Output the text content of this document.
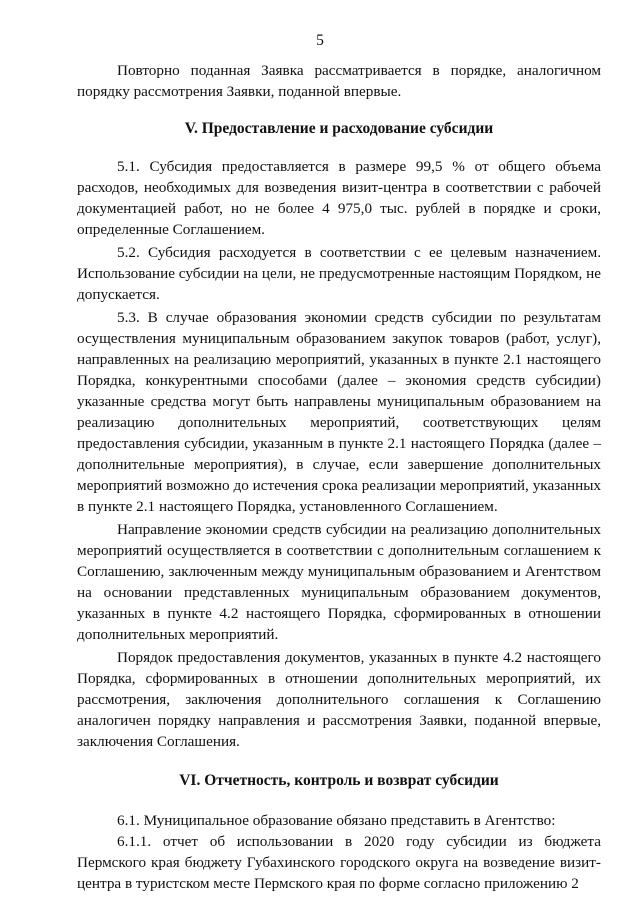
5

Повторно поданная Заявка рассматривается в порядке, аналогичном порядку рассмотрения Заявки, поданной впервые.

V. Предоставление и расходование субсидии

5.1. Субсидия предоставляется в размере 99,5 % от общего объема расходов, необходимых для возведения визит-центра в соответствии с рабочей документацией работ, но не более 4 975,0 тыс. рублей в порядке и сроки, определенные Соглашением.

5.2. Субсидия расходуется в соответствии с ее целевым назначением. Использование субсидии на цели, не предусмотренные настоящим Порядком, не допускается.

5.3. В случае образования экономии средств субсидии по результатам осуществления муниципальным образованием закупок товаров (работ, услуг), направленных на реализацию мероприятий, указанных в пункте 2.1 настоящего Порядка, конкурентными способами (далее – экономия средств субсидии) указанные средства могут быть направлены муниципальным образованием на реализацию дополнительных мероприятий, соответствующих целям предоставления субсидии, указанным в пункте 2.1 настоящего Порядка (далее – дополнительные мероприятия), в случае, если завершение дополнительных мероприятий возможно до истечения срока реализации мероприятий, указанных в пункте 2.1 настоящего Порядка, установленного Соглашением.

Направление экономии средств субсидии на реализацию дополнительных мероприятий осуществляется в соответствии с дополнительным соглашением к Соглашению, заключенным между муниципальным образованием и Агентством на основании представленных муниципальным образованием документов, указанных в пункте 4.2 настоящего Порядка, сформированных в отношении дополнительных мероприятий.

Порядок предоставления документов, указанных в пункте 4.2 настоящего Порядка, сформированных в отношении дополнительных мероприятий, их рассмотрения, заключения дополнительного соглашения к Соглашению аналогичен порядку направления и рассмотрения Заявки, поданной впервые, заключения Соглашения.

VI. Отчетность, контроль и возврат субсидии

6.1. Муниципальное образование обязано представить в Агентство:

6.1.1. отчет об использовании в 2020 году субсидии из бюджета Пермского края бюджету Губахинского городского округа на возведение визит-центра в туристском месте Пермского края по форме согласно приложению 2
